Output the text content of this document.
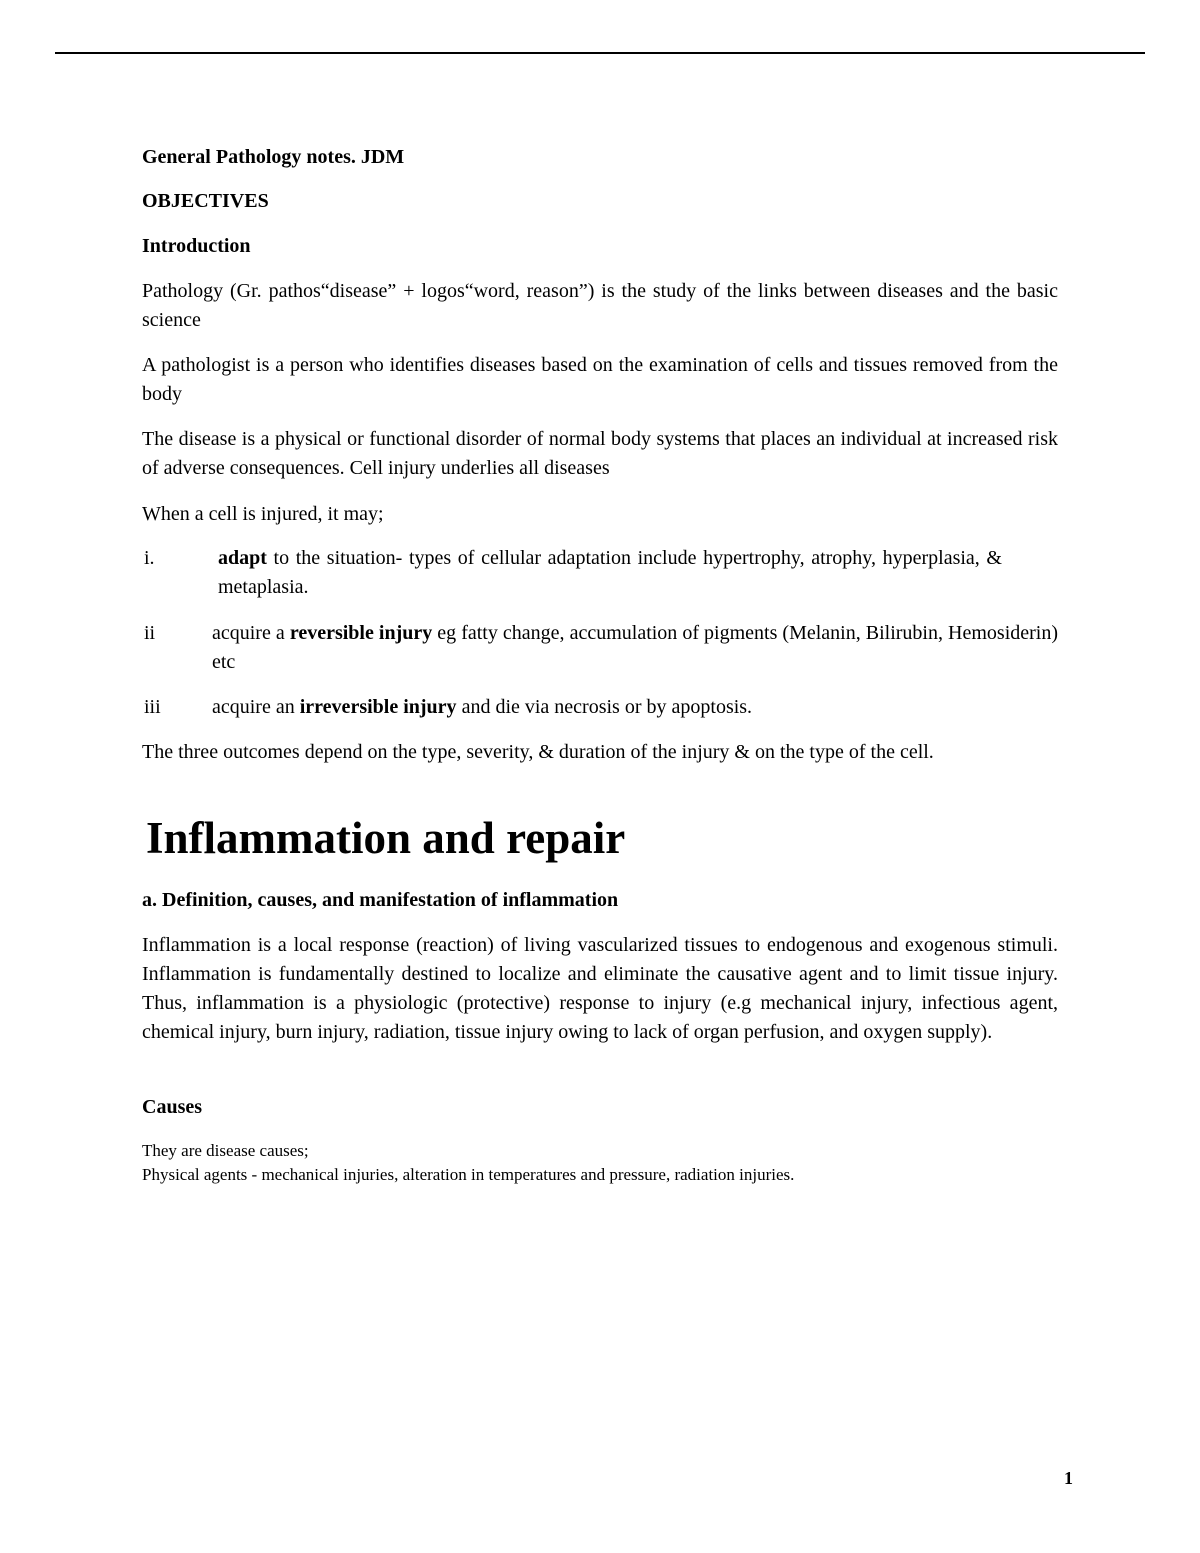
General Pathology notes. JDM
OBJECTIVES
Introduction
Pathology (Gr. pathos“disease” + logos“word, reason”) is the study of the links between diseases and the basic science
A pathologist is a person who identifies diseases based on the examination of cells and tissues removed from the body
The disease is a physical or functional disorder of normal body systems that places an individual at increased risk of adverse consequences. Cell injury underlies all diseases
When a cell is injured, it may;
i.	adapt to the situation- types of cellular adaptation include hypertrophy, atrophy, hyperplasia, & metaplasia.
ii	acquire a reversible injury eg fatty change, accumulation of pigments (Melanin, Bilirubin, Hemosiderin) etc
iii	acquire an irreversible injury and die via necrosis or by apoptosis.
The three outcomes depend on the type, severity, & duration of the injury & on the type of the cell.
Inflammation and repair
a. Definition, causes, and manifestation of inflammation
Inflammation is a local response (reaction) of living vascularized tissues to endogenous and exogenous stimuli. Inflammation is fundamentally destined to localize and eliminate the causative agent and to limit tissue injury. Thus, inflammation is a physiologic (protective) response to injury (e.g mechanical injury, infectious agent, chemical injury, burn injury, radiation, tissue injury owing to lack of organ perfusion, and oxygen supply).
Causes
They are disease causes;
Physical agents - mechanical injuries, alteration in temperatures and pressure, radiation injuries.
1
